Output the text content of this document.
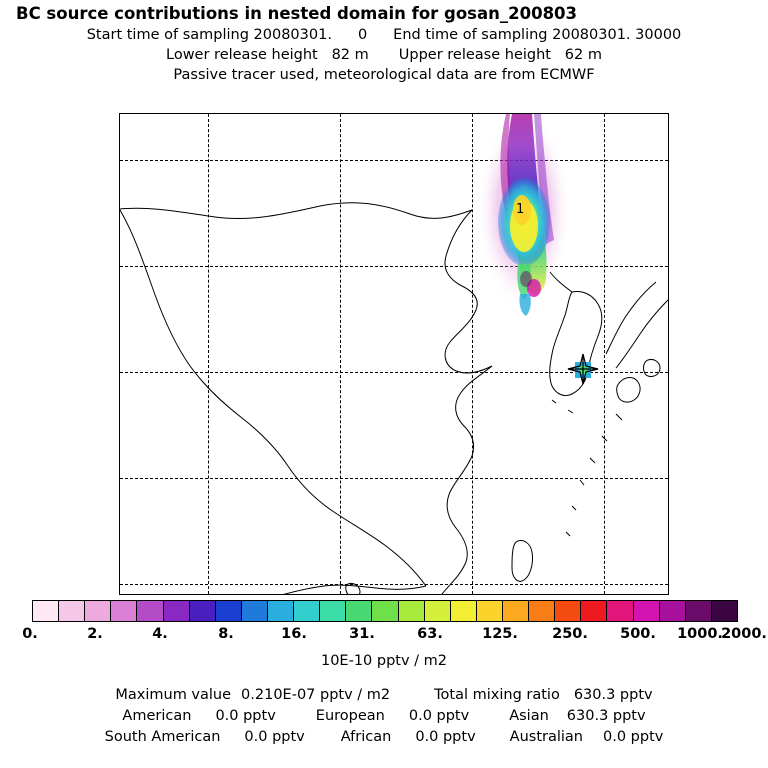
BC source contributions in nested domain for gosan_200803
Start time of sampling 20080301. 0 End time of sampling 20080301. 30000
Lower release height   82 m Upper release height   62 m
Passive tracer used, meteorological data are from ECMWF
1
0.	2.	4.	8.	16.	31.	63.	125. 250. 500. 1000.
2000.
10E-10 pptv / m2
Maximum value 0.210E-07 pptv / m2	Total mixing ratio 630.3 pptv
American 0.0 pptv	European 0.0 pptv	Asian 630.3 pptv
South American 0.0 pptv African 0.0 pptv Australian 0.0 pptv
